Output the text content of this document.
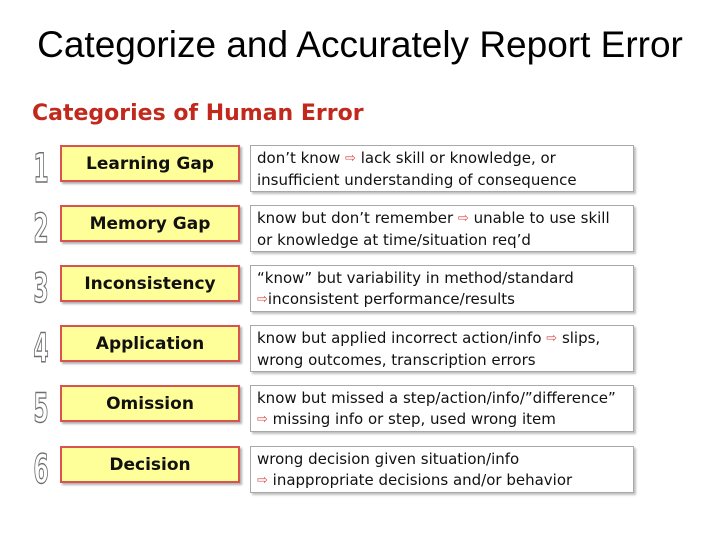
Categorize and Accurately Report Error
Categories of Human Error
1	Learning Gap	don’t know ⇨ lack skill or knowledge, or
insufficient understanding of consequence
2	Memory Gap	know but don’t remember ⇨ unable to use skill
or knowledge at time/situation req’d
3	Inconsistency	“know” but variability in method/standard
⇨inconsistent performance/results
4	Application	know but applied incorrect action/info ⇨ slips,
wrong outcomes, transcription errors
5	Omission	know but missed a step/action/info/”difference”
⇨ missing info or step, used wrong item
6	Decision	wrong decision given situation/info
⇨ inappropriate decisions and/or behavior
